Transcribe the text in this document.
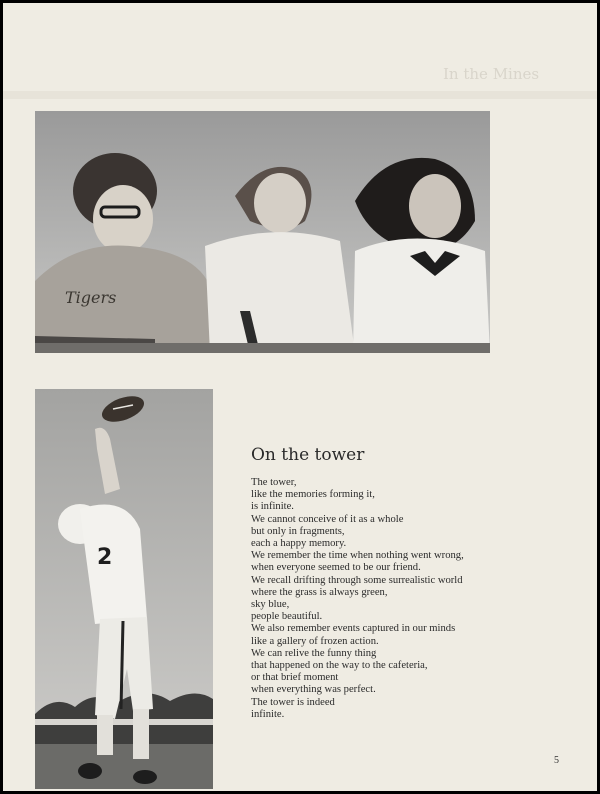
In the Mines
Tigers
2
On the tower
The tower,
like the memories forming it,
is infinite.
We cannot conceive of it as a whole
but only in fragments,
each a happy memory.
We remember the time when nothing went wrong,
when everyone seemed to be our friend.
We recall drifting through some surrealistic world
where the grass is always green,
sky blue,
people beautiful.
We also remember events captured in our minds
like a gallery of frozen action.
We can relive the funny thing
that happened on the way to the cafeteria,
or that brief moment
when everything was perfect.
The tower is indeed
infinite.
5
